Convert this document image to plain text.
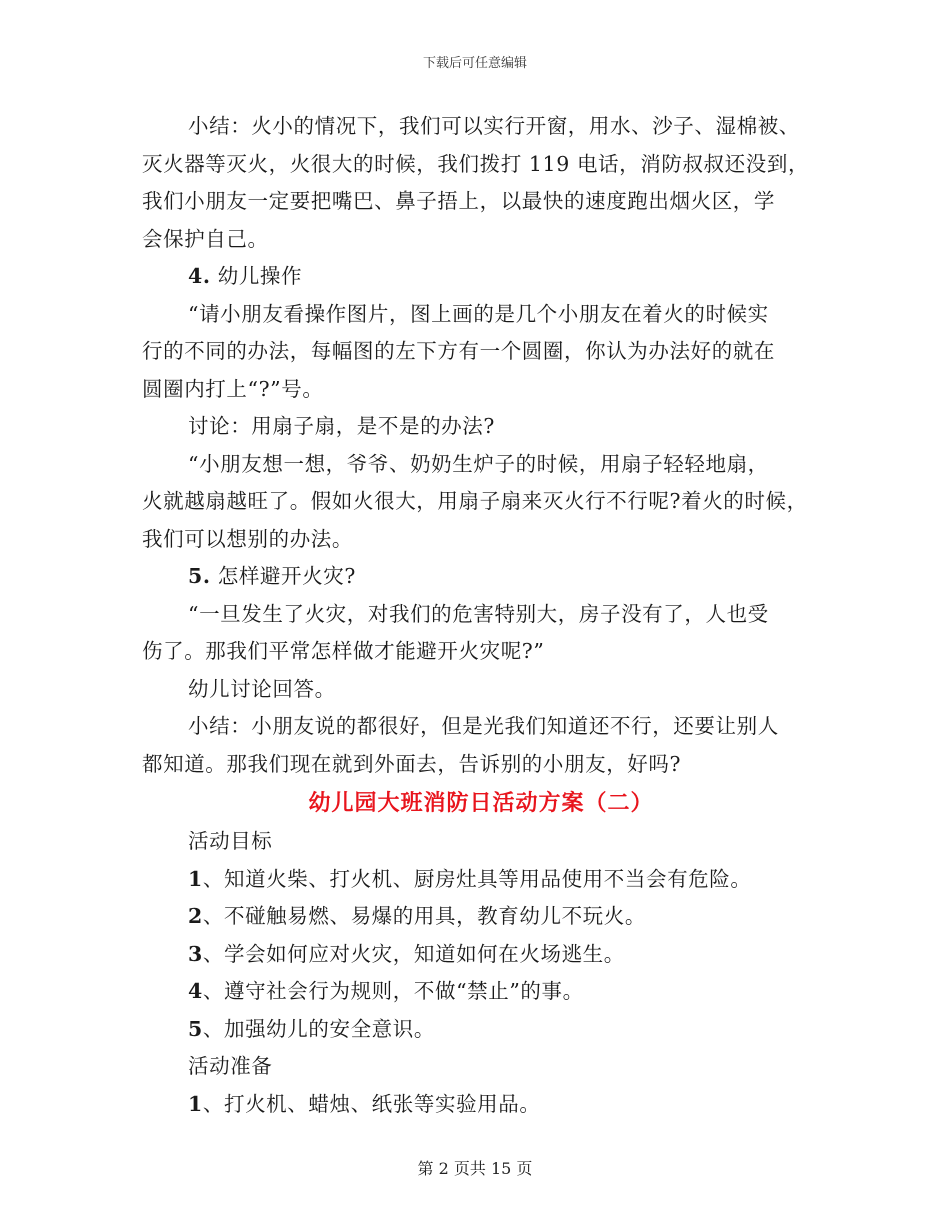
下载后可任意编辑

小结：火小的情况下，我们可以实行开窗，用水、沙子、湿棉被、

灭火器等灭火，火很大的时候，我们拨打 119 电话，消防叔叔还没到，

我们小朋友一定要把嘴巴、鼻子捂上，以最快的速度跑出烟火区，学

会保护自己。

4. 幼儿操作

“请小朋友看操作图片，图上画的是几个小朋友在着火的时候实

行的不同的办法，每幅图的左下方有一个圆圈，你认为办法好的就在

圆圈内打上“?”号。

讨论：用扇子扇，是不是的办法?

“小朋友想一想，爷爷、奶奶生炉子的时候，用扇子轻轻地扇，

火就越扇越旺了。假如火很大，用扇子扇来灭火行不行呢?着火的时候，

我们可以想别的办法。

5. 怎样避开火灾?

“一旦发生了火灾，对我们的危害特别大，房子没有了，人也受

伤了。那我们平常怎样做才能避开火灾呢?”

幼儿讨论回答。

小结：小朋友说的都很好，但是光我们知道还不行，还要让别人

都知道。那我们现在就到外面去，告诉别的小朋友，好吗?

幼儿园大班消防日活动方案（二）

活动目标

1、知道火柴、打火机、厨房灶具等用品使用不当会有危险。

2、不碰触易燃、易爆的用具，教育幼儿不玩火。

3、学会如何应对火灾，知道如何在火场逃生。

4、遵守社会行为规则，不做“禁止”的事。

5、加强幼儿的安全意识。

活动准备

1、打火机、蜡烛、纸张等实验用品。

第 2 页共 15 页
